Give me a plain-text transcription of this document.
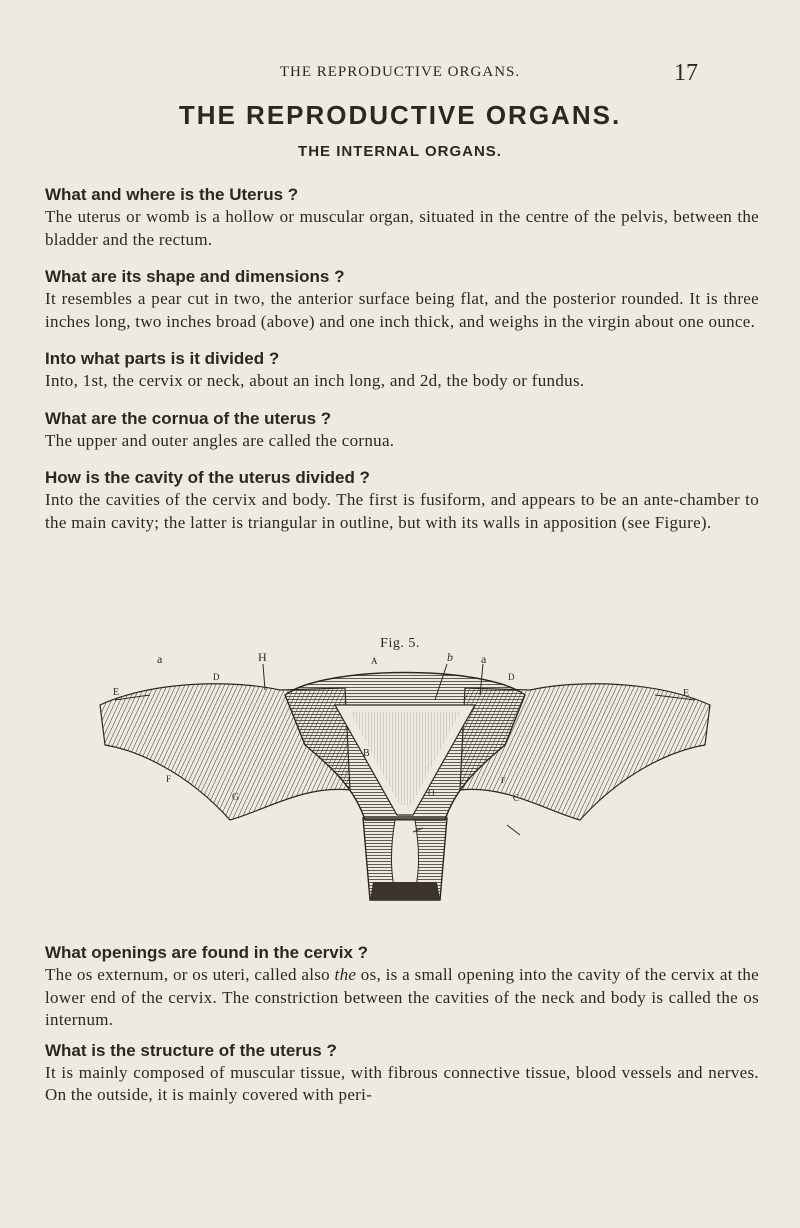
THE REPRODUCTIVE ORGANS.	17
THE REPRODUCTIVE ORGANS.
THE INTERNAL ORGANS.

What and where is the Uterus ?

The uterus or womb is a hollow or muscular organ, situated in the centre of the pelvis, between the bladder and the rectum.

What are its shape and dimensions ?

It resembles a pear cut in two, the anterior surface being flat, and the posterior rounded. It is three inches long, two inches broad (above) and one inch thick, and weighs in the virgin about one ounce.

Into what parts is it divided ?

Into, 1st, the cervix or neck, about an inch long, and 2d, the body or fundus.

What are the cornua of the uterus ?

The upper and outer angles are called the cornua.

How is the cavity of the uterus divided ?

Into the cavities of the cervix and body. The first is fusiform, and appears to be an ante-chamber to the main cavity; the latter is triangular in outline, but with its walls in apposition (see Figure).

Fig. 5.
a	H	A	b a
D	D
E	E
B
F	F
G	O	C

What openings are found in the cervix ?

The os externum, or os uteri, called also the os, is a small opening into the cavity of the cervix at the lower end of the cervix. The constriction between the cavities of the neck and body is called the os internum.

What is the structure of the uterus ?

It is mainly composed of muscular tissue, with fibrous connective tissue, blood vessels and nerves. On the outside, it is mainly covered with peri-
